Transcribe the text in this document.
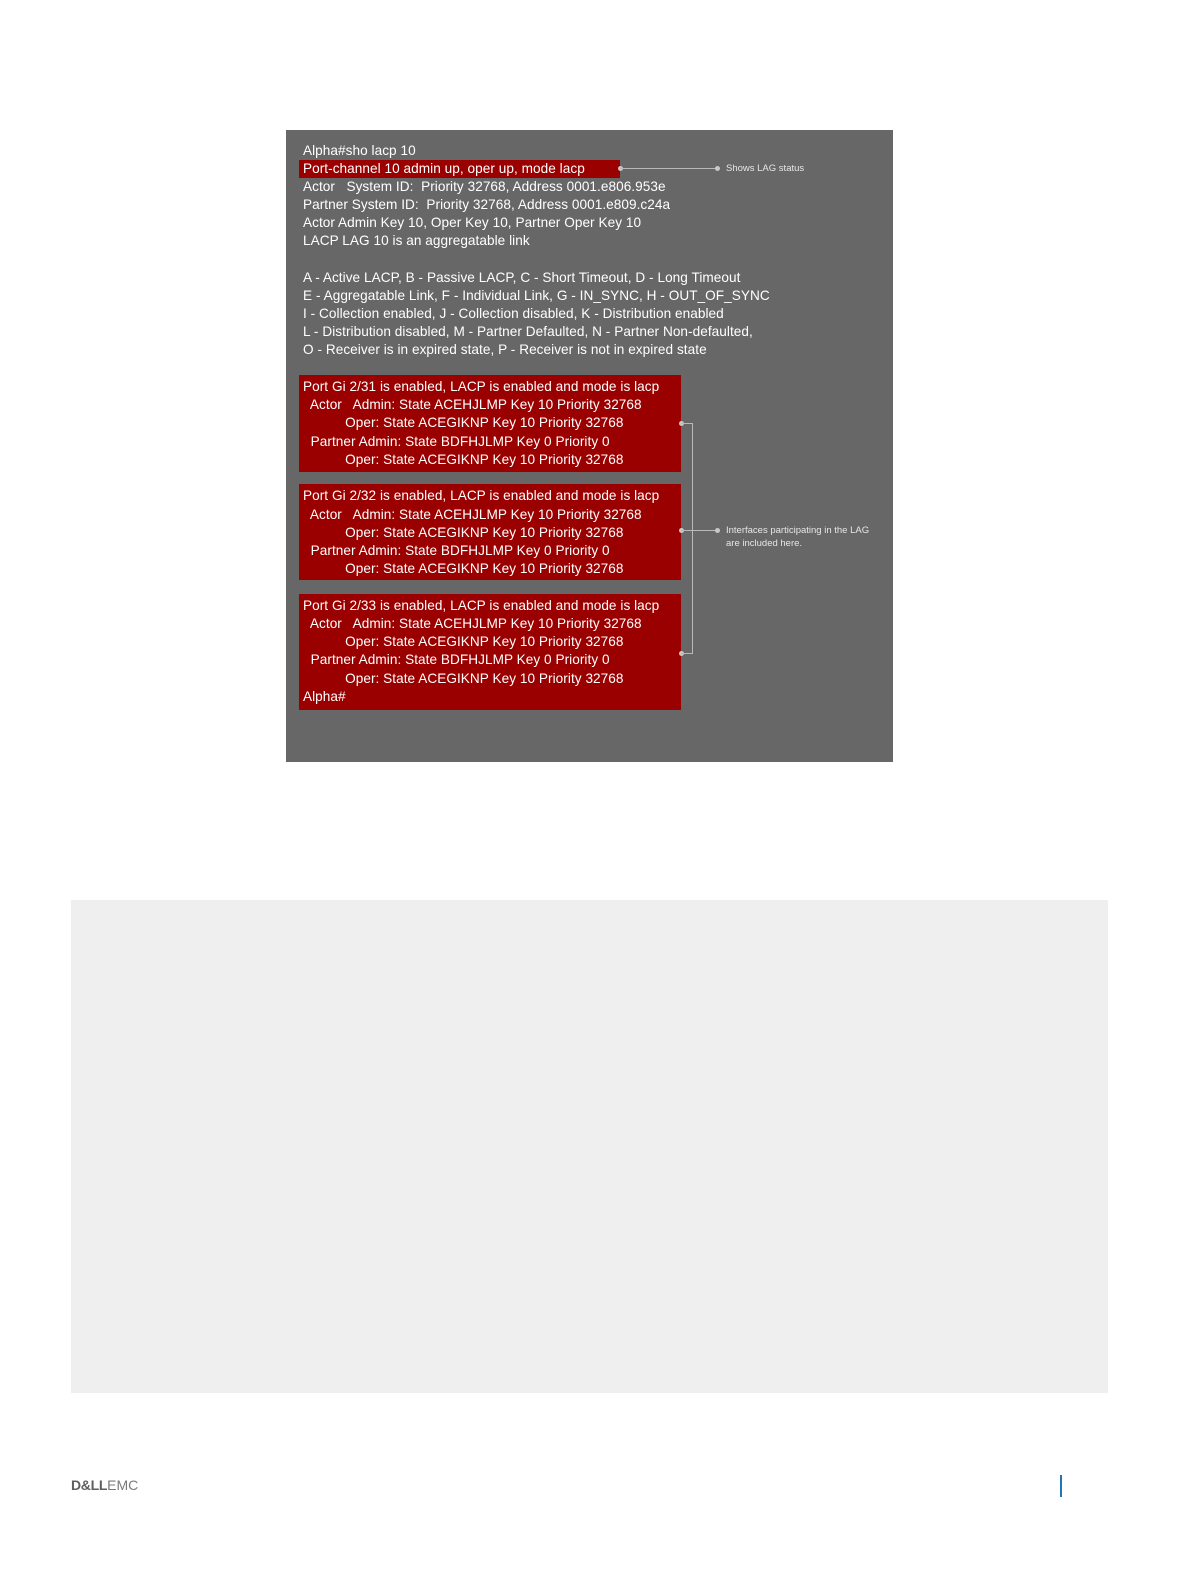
Alpha#sho lacp 10
Port-channel 10 admin up, oper up, mode lacp
Actor   System ID:  Priority 32768, Address 0001.e806.953e
Partner System ID:  Priority 32768, Address 0001.e809.c24a
Actor Admin Key 10, Oper Key 10, Partner Oper Key 10
LACP LAG 10 is an aggregatable link
A - Active LACP, B - Passive LACP, C - Short Timeout, D - Long Timeout
E - Aggregatable Link, F - Individual Link, G - IN_SYNC, H - OUT_OF_SYNC
I - Collection enabled, J - Collection disabled, K - Distribution enabled
L - Distribution disabled, M - Partner Defaulted, N - Partner Non-defaulted,
O - Receiver is in expired state, P - Receiver is not in expired state
Port Gi 2/31 is enabled, LACP is enabled and mode is lacp
Actor   Admin: State ACEHJLMP Key 10 Priority 32768
Oper: State ACEGIKNP Key 10 Priority 32768
Partner Admin: State BDFHJLMP Key 0 Priority 0
Oper: State ACEGIKNP Key 10 Priority 32768
Port Gi 2/32 is enabled, LACP is enabled and mode is lacp
Actor   Admin: State ACEHJLMP Key 10 Priority 32768
Oper: State ACEGIKNP Key 10 Priority 32768
Partner Admin: State BDFHJLMP Key 0 Priority 0
Oper: State ACEGIKNP Key 10 Priority 32768
Port Gi 2/33 is enabled, LACP is enabled and mode is lacp
Actor   Admin: State ACEHJLMP Key 10 Priority 32768
Oper: State ACEGIKNP Key 10 Priority 32768
Partner Admin: State BDFHJLMP Key 0 Priority 0
Oper: State ACEGIKNP Key 10 Priority 32768
Alpha#
Shows LAG status
Interfaces participating in the LAG
are included here.
D&LLEMC
